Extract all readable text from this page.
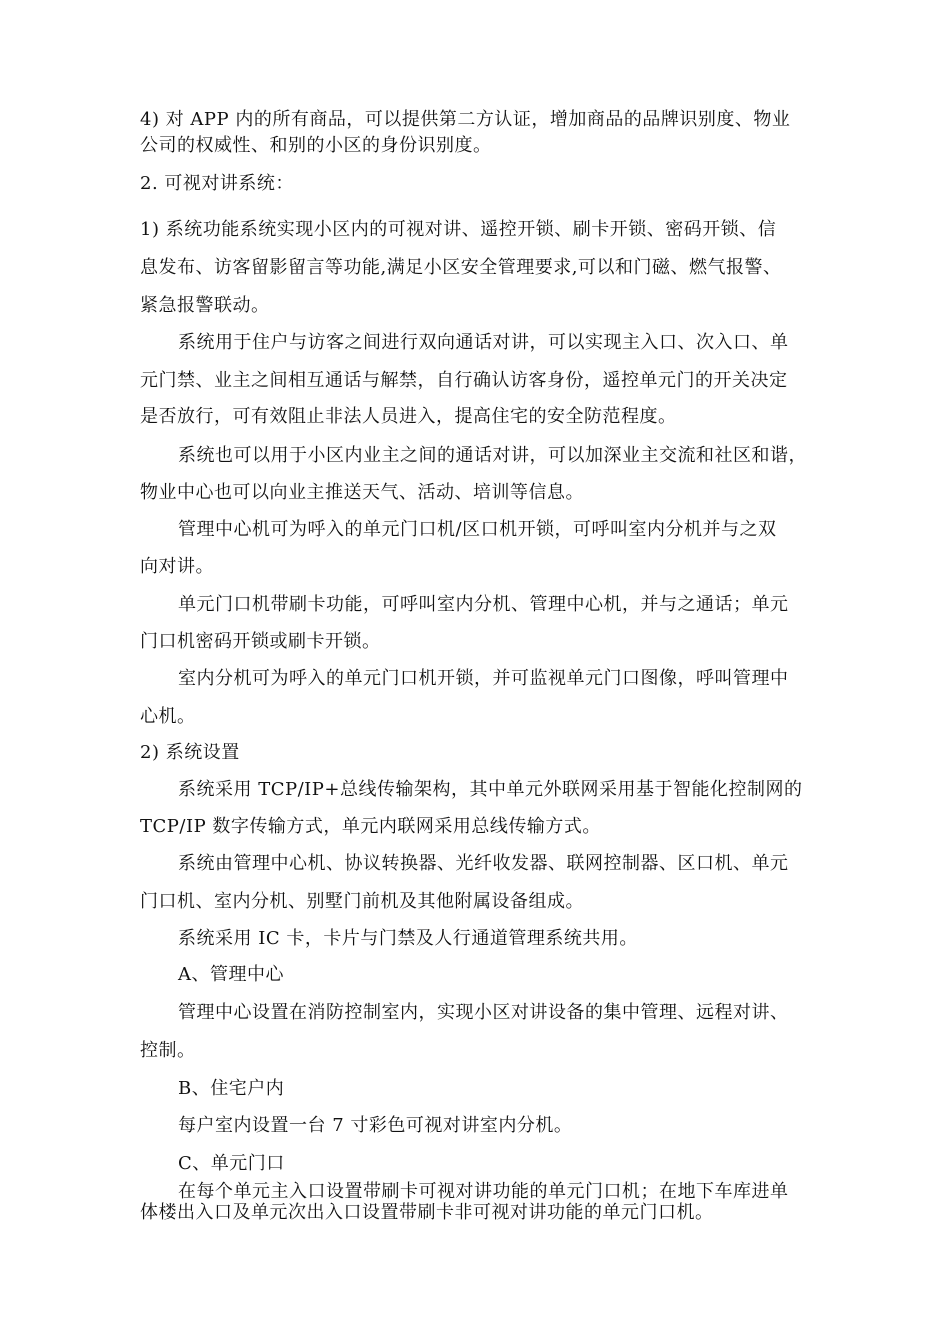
4) 对 APP 内的所有商品，可以提供第二方认证，增加商品的品牌识别度、物业
公司的权威性、和别的小区的身份识别度。
2. 可视对讲系统：
1) 系统功能系统实现小区内的可视对讲、遥控开锁、刷卡开锁、密码开锁、信
息发布、访客留影留言等功能,满足小区安全管理要求,可以和门磁、燃气报警、
紧急报警联动。
系统用于住户与访客之间进行双向通话对讲，可以实现主入口、次入口、单
元门禁、业主之间相互通话与解禁，自行确认访客身份，遥控单元门的开关决定
是否放行，可有效阻止非法人员进入，提高住宅的安全防范程度。
系统也可以用于小区内业主之间的通话对讲，可以加深业主交流和社区和谐，
物业中心也可以向业主推送天气、活动、培训等信息。
管理中心机可为呼入的单元门口机/区口机开锁，可呼叫室内分机并与之双
向对讲。
单元门口机带刷卡功能，可呼叫室内分机、管理中心机，并与之通话；单元
门口机密码开锁或刷卡开锁。
室内分机可为呼入的单元门口机开锁，并可监视单元门口图像，呼叫管理中
心机。
2) 系统设置
系统采用 TCP/IP+总线传输架构，其中单元外联网采用基于智能化控制网的
TCP/IP 数字传输方式，单元内联网采用总线传输方式。
系统由管理中心机、协议转换器、光纤收发器、联网控制器、区口机、单元
门口机、室内分机、别墅门前机及其他附属设备组成。
系统采用 IC 卡，卡片与门禁及人行通道管理系统共用。
A、管理中心
管理中心设置在消防控制室内，实现小区对讲设备的集中管理、远程对讲、
控制。
B、住宅户内
每户室内设置一台 7 寸彩色可视对讲室内分机。
C、单元门口
在每个单元主入口设置带刷卡可视对讲功能的单元门口机；在地下车库进单
体楼出入口及单元次出入口设置带刷卡非可视对讲功能的单元门口机。
